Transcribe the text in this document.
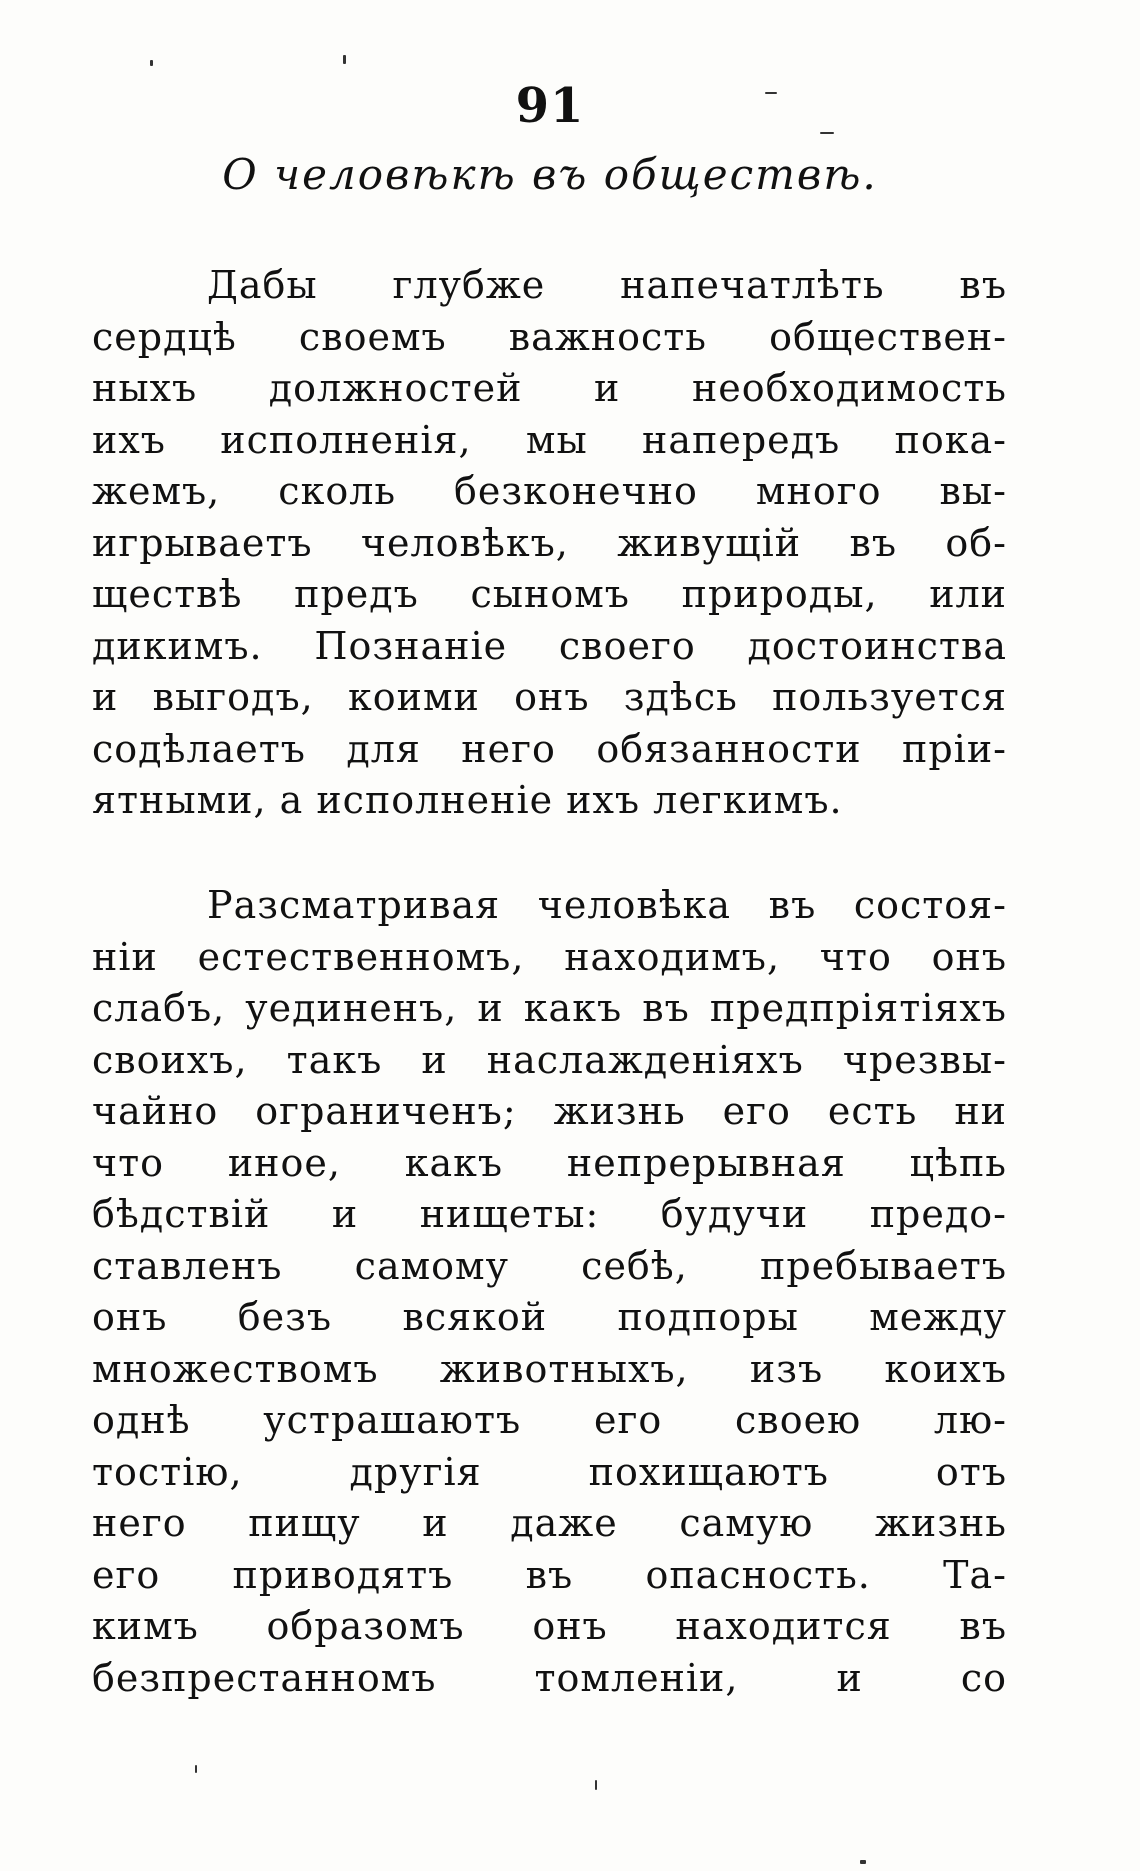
91
О человѣкѣ въ обществѣ.
Дабы глубже напечатлѣть въ
сердцѣ своемъ важность обществен-
ныхъ должностей и необходимость
ихъ исполненія, мы напередъ пока-
жемъ, сколь безконечно много вы-
игрываетъ человѣкъ, живущій въ об-
ществѣ предъ сыномъ природы, или
дикимъ. Познаніе своего достоинства
и выгодъ, коими онъ здѣсь пользуется
содѣлаетъ для него обязанности пріи-
ятными, а исполненіе ихъ легкимъ.
Разсматривая человѣка въ состоя-
ніи естественномъ, находимъ, что онъ
слабъ, уединенъ, и какъ въ предпріятіяхъ
своихъ, такъ и наслажденіяхъ чрезвы-
чайно ограниченъ; жизнь его есть ни
что иное, какъ непрерывная цѣпь
бѣдствій и нищеты: будучи предо-
ставленъ самому себѣ, пребываетъ
онъ безъ всякой подпоры между
множествомъ животныхъ, изъ коихъ
однѣ устрашаютъ его своею лю-
тостію, другія похищаютъ отъ
него пищу и даже самую жизнь
его приводятъ въ опасность. Та-
кимъ образомъ онъ находится въ
безпрестанномъ томленіи, и со
